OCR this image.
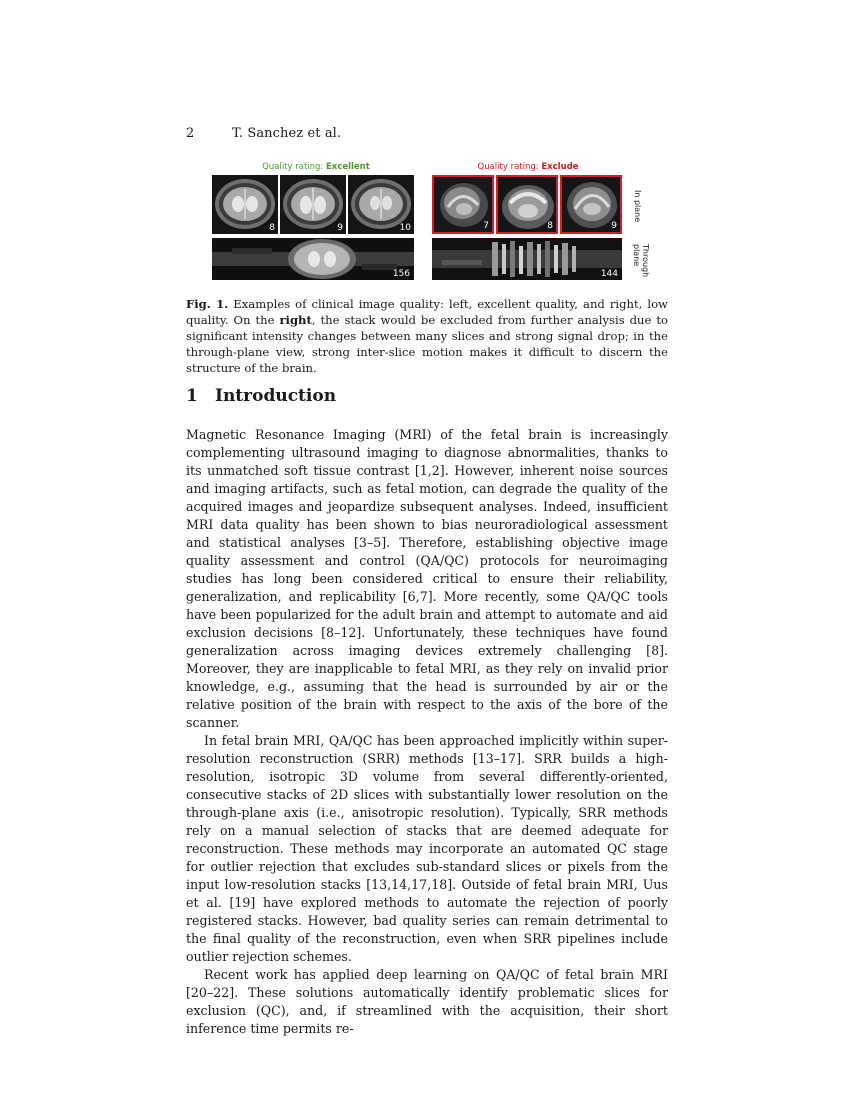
2	T. Sanchez et al.
Quality rating: Excellent
8	9	10
156
Quality rating: Exclude
7	8	9
144
In plane
Through plane
Fig. 1. Examples of clinical image quality: left, excellent quality, and right, low quality. On the right, the stack would be excluded from further analysis due to significant intensity changes between many slices and strong signal drop; in the through-plane view, strong inter-slice motion makes it difficult to discern the structure of the brain.
1 Introduction

Magnetic Resonance Imaging (MRI) of the fetal brain is increasingly complementing ultrasound imaging to diagnose abnormalities, thanks to its unmatched soft tissue contrast [1,2]. However, inherent noise sources and imaging artifacts, such as fetal motion, can degrade the quality of the acquired images and jeopardize subsequent analyses. Indeed, insufficient MRI data quality has been shown to bias neuroradiological assessment and statistical analyses [3–5]. Therefore, establishing objective image quality assessment and control (QA/QC) protocols for neuroimaging studies has long been considered critical to ensure their reliability, generalization, and replicability [6,7]. More recently, some QA/QC tools have been popularized for the adult brain and attempt to automate and aid exclusion decisions [8–12]. Unfortunately, these techniques have found generalization across imaging devices extremely challenging [8]. Moreover, they are inapplicable to fetal MRI, as they rely on invalid prior knowledge, e.g., assuming that the head is surrounded by air or the relative position of the brain with respect to the axis of the bore of the scanner.

In fetal brain MRI, QA/QC has been approached implicitly within super-resolution reconstruction (SRR) methods [13–17]. SRR builds a high-resolution, isotropic 3D volume from several differently-oriented, consecutive stacks of 2D slices with substantially lower resolution on the through-plane axis (i.e., anisotropic resolution). Typically, SRR methods rely on a manual selection of stacks that are deemed adequate for reconstruction. These methods may incorporate an automated QC stage for outlier rejection that excludes sub-standard slices or pixels from the input low-resolution stacks [13,14,17,18]. Outside of fetal brain MRI, Uus et al. [19] have explored methods to automate the rejection of poorly registered stacks. However, bad quality series can remain detrimental to the final quality of the reconstruction, even when SRR pipelines include outlier rejection schemes.

Recent work has applied deep learning on QA/QC of fetal brain MRI [20–22]. These solutions automatically identify problematic slices for exclusion (QC), and, if streamlined with the acquisition, their short inference time permits re-
